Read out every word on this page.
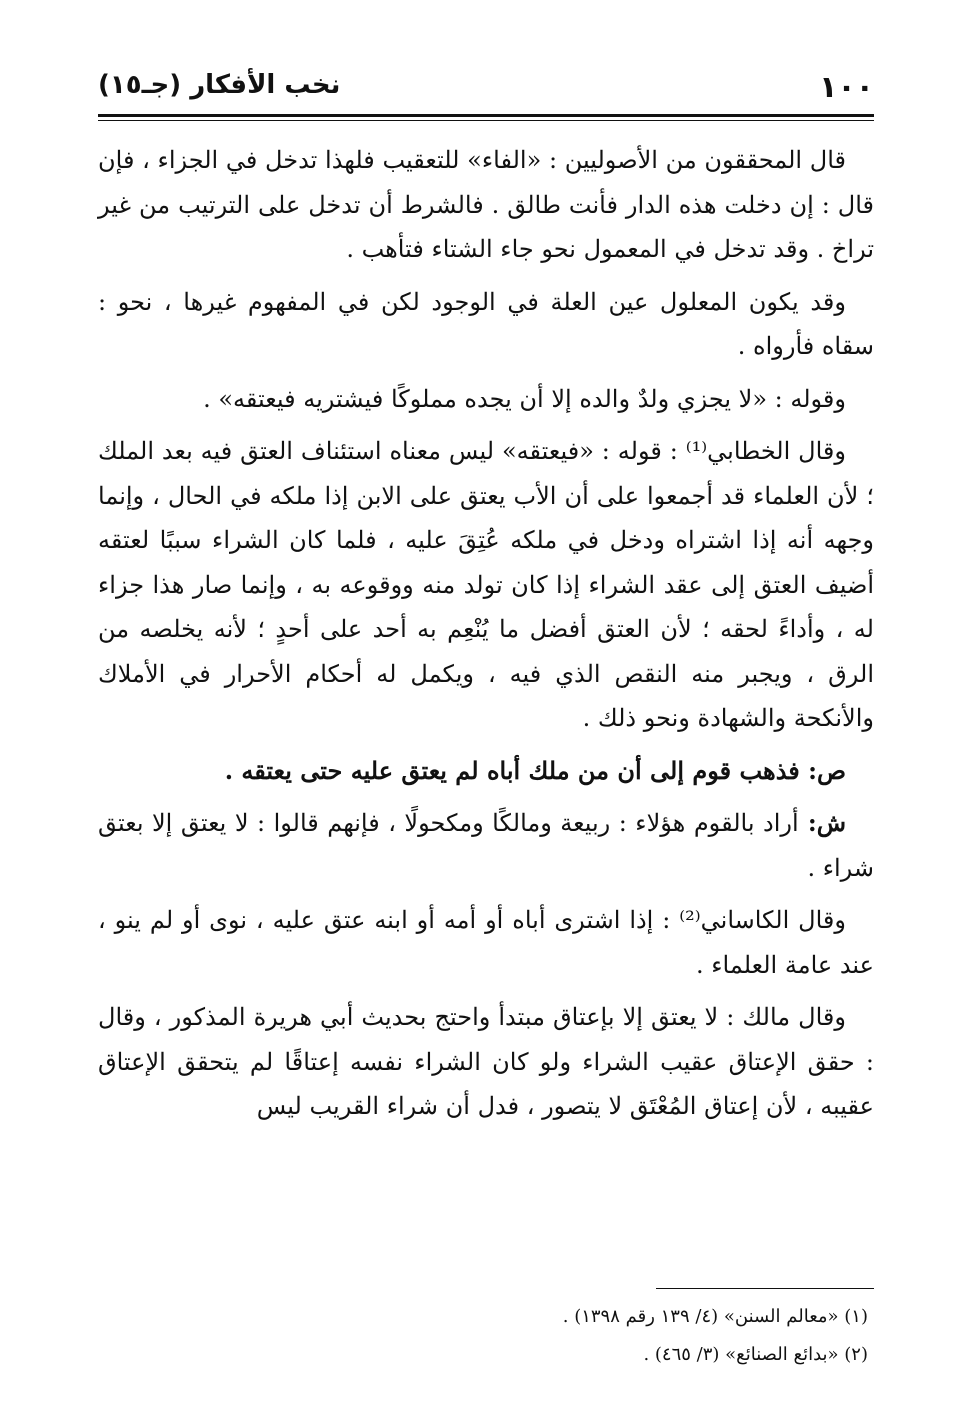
١٠٠
نخب الأفكار (جـ١٥)

قال المحققون من الأصوليين : «الفاء» للتعقيب فلهذا تدخل في الجزاء ، فإن قال : إن دخلت هذه الدار فأنت طالق . فالشرط أن تدخل على الترتيب من غير تراخ . وقد تدخل في المعمول نحو جاء الشتاء فتأهب .

وقد يكون المعلول عين العلة في الوجود لكن في المفهوم غيرها ، نحو : سقاه فأرواه .

وقوله : «لا يجزي ولدٌ والده إلا أن يجده مملوكًا فيشتريه فيعتقه» .

وقال الخطابي⁽¹⁾ : قوله : «فيعتقه» ليس معناه استئناف العتق فيه بعد الملك ؛ لأن العلماء قد أجمعوا على أن الأب يعتق على الابن إذا ملكه في الحال ، وإنما وجهه أنه إذا اشتراه ودخل في ملكه عُتِقَ عليه ، فلما كان الشراء سببًا لعتقه أضيف العتق إلى عقد الشراء إذا كان تولد منه ووقوعه به ، وإنما صار هذا جزاء له ، وأداءً لحقه ؛ لأن العتق أفضل ما يُنْعِم به أحد على أحدٍ ؛ لأنه يخلصه من الرق ، ويجبر منه النقص الذي فيه ، ويكمل له أحكام الأحرار في الأملاك والأنكحة والشهادة ونحو ذلك .

ص: فذهب قوم إلى أن من ملك أباه لم يعتق عليه حتى يعتقه .

ش: أراد بالقوم هؤلاء : ربيعة ومالكًا ومكحولًا ، فإنهم قالوا : لا يعتق إلا بعتق شراء .

وقال الكاساني⁽²⁾ : إذا اشترى أباه أو أمه أو ابنه عتق عليه ، نوى أو لم ينو ، عند عامة العلماء .

وقال مالك : لا يعتق إلا بإعتاق مبتدأ واحتج بحديث أبي هريرة المذكور ، وقال : حقق الإعتاق عقيب الشراء ولو كان الشراء نفسه إعتاقًا لم يتحقق الإعتاق عقيبه ، لأن إعتاق المُعْتَق لا يتصور ، فدل أن شراء القريب ليس

(١) «معالم السنن» (٤/ ١٣٩ رقم ١٣٩٨) .

(٢) «بدائع الصنائع» (٣/ ٤٦٥) .
